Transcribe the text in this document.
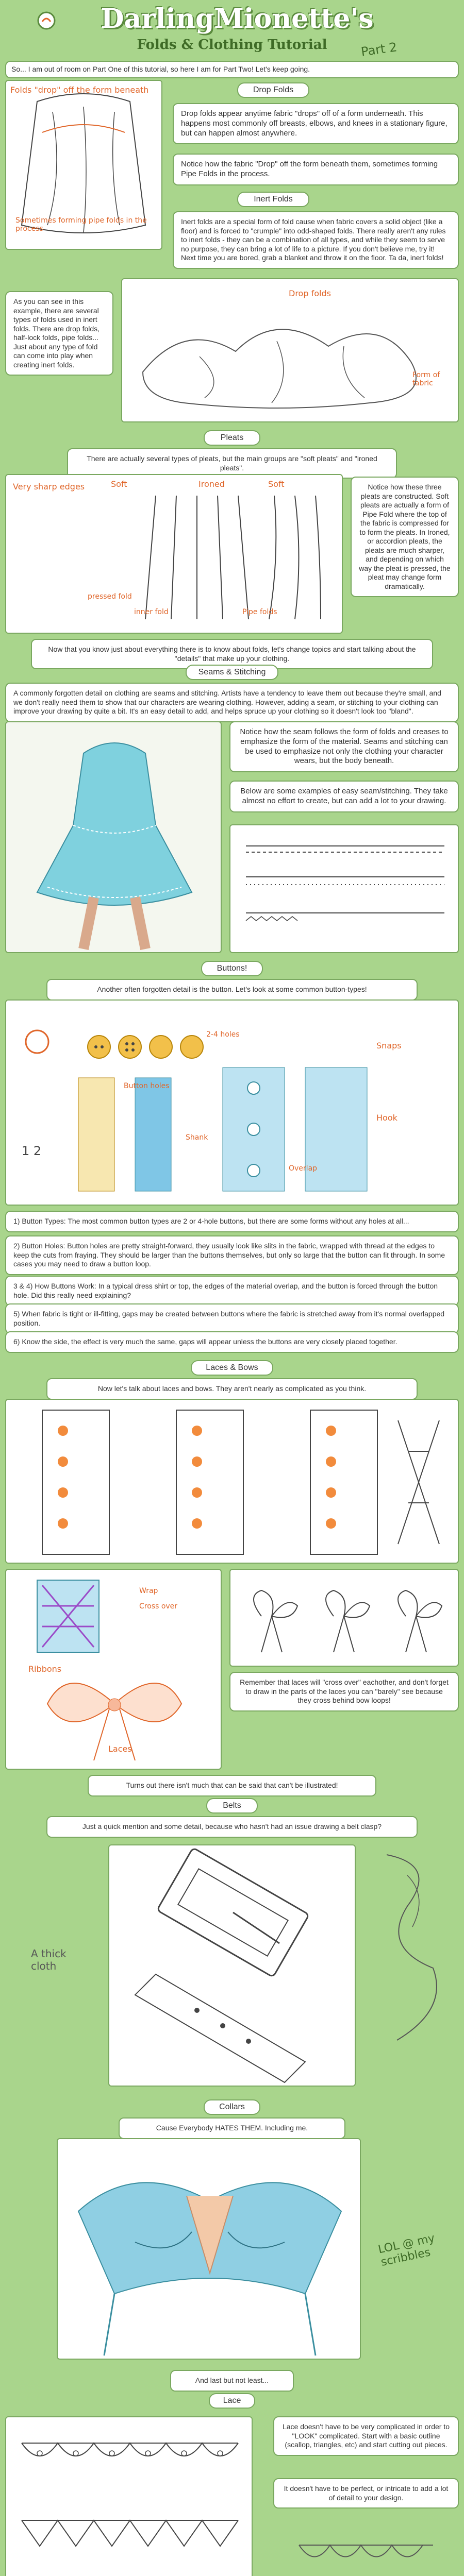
DarlingMionette's
Folds & Clothing Tutorial	Part 2
So... I am out of room on Part One of this tutorial, so here I am for Part Two! Let's keep going.
Folds "drop" off the form beneath
Sometimes forming pipe folds in the process
Drop Folds
Drop folds appear anytime fabric "drops" off of a form underneath. This happens most commonly off breasts, elbows, and knees in a stationary figure, but can happen almost anywhere.
Notice how the fabric "Drop" off the form beneath them, sometimes forming Pipe Folds in the process.
Inert Folds
Inert folds are a special form of fold cause when fabric covers a solid object (like a floor) and is forced to "crumple" into odd-shaped folds. There really aren't any rules to inert folds - they can be a combination of all types, and while they seem to serve no purpose, they can bring a lot of life to a picture. If you don't believe me, try it! Next time you are bored, grab a blanket and throw it on the floor. Ta da, inert folds!
As you can see in this example, there are several types of folds used in inert folds. There are drop folds, half-lock folds, pipe folds... Just about any type of fold can come into play when creating inert folds.
Drop folds
Form of fabric
Pleats
There are actually several types of pleats, but the main groups are "soft pleats" and "ironed pleats".
Very sharp edges	Soft	Ironed
pressed fold
inner fold
Soft
Pipe folds
Notice how these three pleats are constructed. Soft pleats are actually a form of Pipe Fold where the top of the fabric is compressed for to form the pleats. In Ironed, or accordion pleats, the pleats are much sharper, and depending on which way the pleat is pressed, the pleat may change form dramatically.
Now that you know just about everything there is to know about folds, let's change topics and start talking about the "details" that make up your clothing.
Seams & Stitching
A commonly forgotten detail on clothing are seams and stitching. Artists have a tendency to leave them out because they're small, and we don't really need them to show that our characters are wearing clothing. However, adding a seam, or stitching to your clothing can improve your drawing by quite a bit. It's an easy detail to add, and helps spruce up your clothing so it doesn't look too "bland".
Notice how the seam follows the form of folds and creases to emphasize the form of the material. Seams and stitching can be used to emphasize not only the clothing your character wears, but the body beneath.
Below are some examples of easy seam/stitching. They take almost no effort to create, but can add a lot to your drawing.
Buttons!
Another often forgotten detail is the button. Let's look at some common button-types!
1 2
2-4 holes
Button holes
Shank
Overlap
Snaps
Hook
1) Button Types: The most common button types are 2 or 4-hole buttons, but there are some forms without any holes at all...
2) Button Holes: Button holes are pretty straight-forward, they usually look like slits in the fabric, wrapped with thread at the edges to keep the cuts from fraying. They should be larger than the buttons themselves, but only so large that the button can fit through. In some cases you may need to draw a button loop.
3 & 4) How Buttons Work: In a typical dress shirt or top, the edges of the material overlap, and the button is forced through the button hole. Did this really need explaining?
5) When fabric is tight or ill-fitting, gaps may be created between buttons where the fabric is stretched away from it's normal overlapped position.
6) Know the side, the effect is very much the same, gaps will appear unless the buttons are very closely placed together.
Laces & Bows
Now let's talk about laces and bows. They aren't nearly as complicated as you think.
Ribbons
Wrap
Cross over
Laces
Remember that laces will "cross over" eachother, and don't forget to draw in the parts of the laces you can "barely" see because they cross behind bow loops!
Turns out there isn't much that can be said that can't be illustrated!
Belts
Just a quick mention and some detail, because who hasn't had an issue drawing a belt clasp?
A thick cloth
Collars
Cause Everybody HATES THEM. Including me.
LOL @ my scribbles
And last but not least...
Lace
Lace doesn't have to be very complicated in order to "LOOK" complicated. Start with a basic outline (scallop, triangles, etc) and start cutting out pieces.
It doesn't have to be perfect, or intricate to add a lot of detail to your design.
